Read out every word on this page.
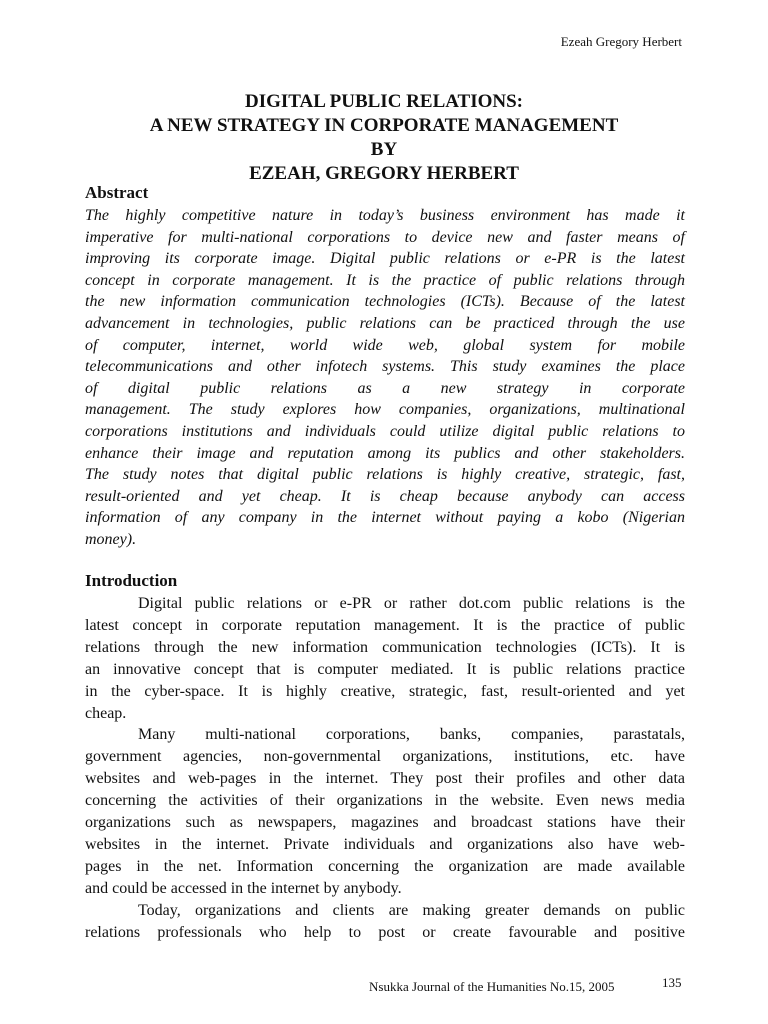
Ezeah Gregory Herbert
DIGITAL PUBLIC RELATIONS:
A NEW STRATEGY IN CORPORATE MANAGEMENT
BY
EZEAH, GREGORY HERBERT
Abstract
The highly competitive nature in today’s business environment has made it
imperative for multi-national corporations to device new and faster means of
improving its corporate image. Digital public relations or e-PR is the latest
concept in corporate management. It is the practice of public relations through
the new information communication technologies (ICTs). Because of the latest
advancement in technologies, public relations can be practiced through the use
of computer, internet, world wide web, global system for mobile
telecommunications and other infotech systems. This study examines the place
of digital public relations as a new strategy in corporate
management. The study explores how companies, organizations, multinational
corporations institutions and individuals could utilize digital public relations to
enhance their image and reputation among its publics and other stakeholders.
The study notes that digital public relations is highly creative, strategic, fast,
result-oriented and yet cheap. It is cheap because anybody can access
information of any company in the internet without paying a kobo (Nigerian
money).
Introduction
Digital public relations or e-PR or rather dot.com public relations is the
latest concept in corporate reputation management. It is the practice of public
relations through the new information communication technologies (ICTs). It is
an innovative concept that is computer mediated. It is public relations practice
in the cyber-space. It is highly creative, strategic, fast, result-oriented and yet
cheap.
Many multi-national corporations, banks, companies, parastatals,
government agencies, non-governmental organizations, institutions, etc. have
websites and web-pages in the internet. They post their profiles and other data
concerning the activities of their organizations in the website. Even news media
organizations such as newspapers, magazines and broadcast stations have their
websites in the internet. Private individuals and organizations also have web-
pages in the net. Information concerning the organization are made available
and could be accessed in the internet by anybody.
Today, organizations and clients are making greater demands on public
relations professionals who help to post or create favourable and positive
Nsukka Journal of the Humanities No.15, 2005	135
